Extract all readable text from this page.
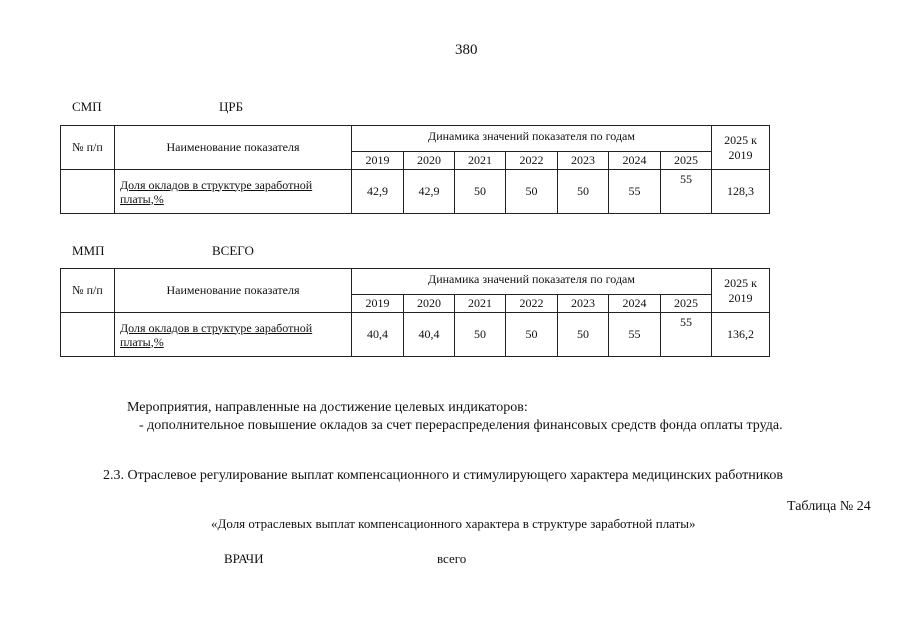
380
СМП	ЦРБ
№ п/п	Наименование показателя	Динамика значений показателя по годам							2025 к 2019
		2019	2020	2021	2022	2023	2024	2025	
	Доля окладов в структуре заработной платы,%	42,9	42,9	50	50	50	55	55	128,3
ММП	ВСЕГО
№ п/п	Наименование показателя	Динамика значений показателя по годам							2025 к 2019
		2019	2020	2021	2022	2023	2024	2025	
	Доля окладов в структуре заработной платы,%	40,4	40,4	50	50	50	55	55	136,2
Мероприятия, направленные на достижение целевых индикаторов:
- дополнительное повышение окладов за счет перераспределения финансовых средств фонда оплаты труда.
2.3. Отраслевое регулирование выплат компенсационного и стимулирующего характера медицинских работников
Таблица № 24
«Доля отраслевых выплат компенсационного характера в структуре заработной платы»
ВРАЧИ	всего
